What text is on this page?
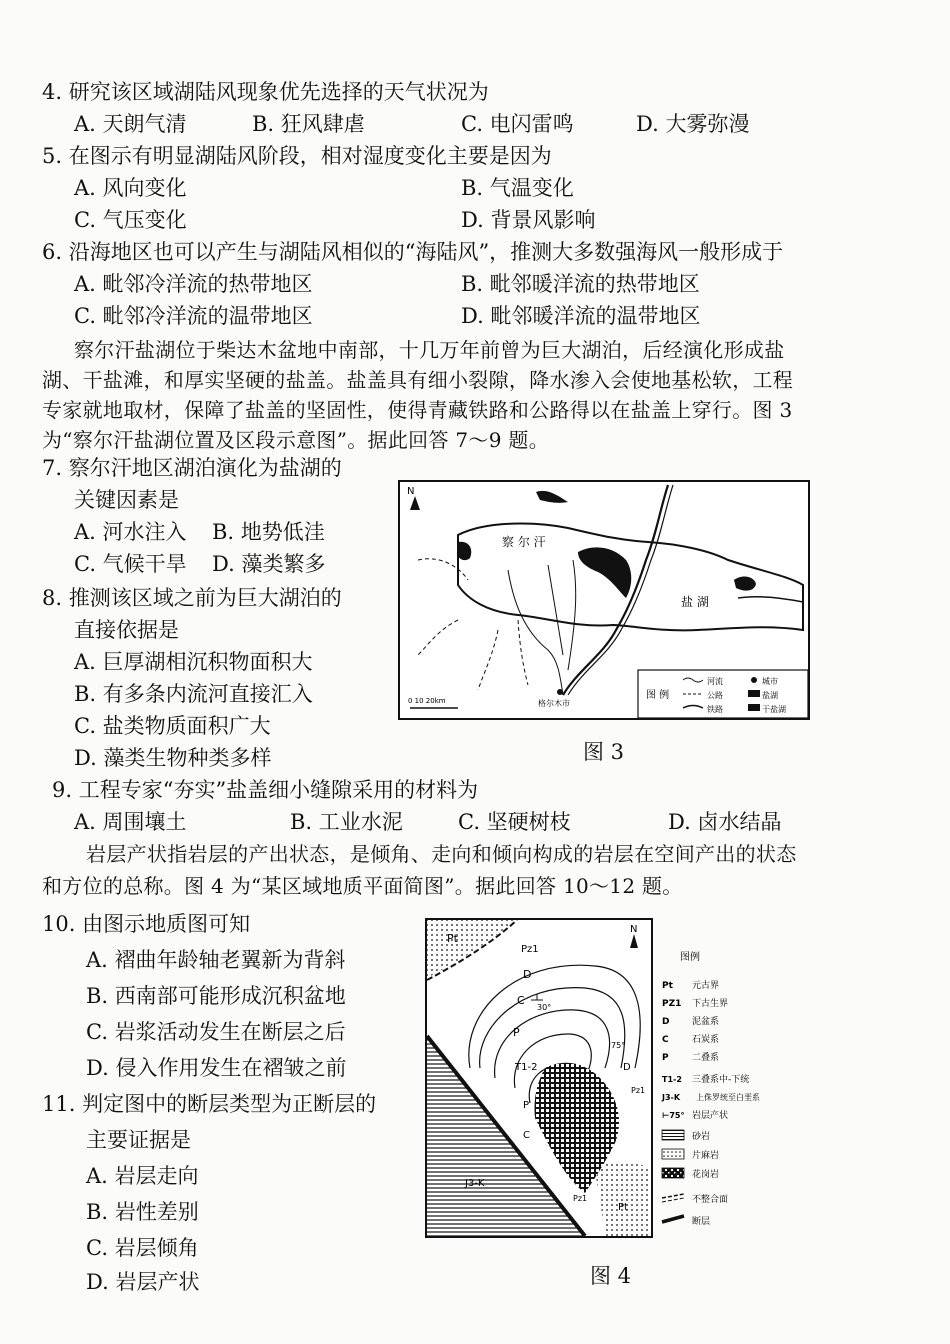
4. 研究该区域湖陆风现象优先选择的天气状况为
A. 天朗气清	B. 狂风肆虐	C. 电闪雷鸣	D. 大雾弥漫
5. 在图示有明显湖陆风阶段，相对湿度变化主要是因为
A. 风向变化	B. 气温变化
C. 气压变化	D. 背景风影响
6. 沿海地区也可以产生与湖陆风相似的“海陆风”，推测大多数强海风一般形成于
A. 毗邻冷洋流的热带地区	B. 毗邻暖洋流的热带地区
C. 毗邻冷洋流的温带地区	D. 毗邻暖洋流的温带地区
察尔汗盐湖位于柴达木盆地中南部，十几万年前曾为巨大湖泊，后经演化形成盐
湖、干盐滩，和厚实坚硬的盐盖。盐盖具有细小裂隙，降水渗入会使地基松软，工程
专家就地取材，保障了盐盖的坚固性，使得青藏铁路和公路得以在盐盖上穿行。图 3
为“察尔汗盐湖位置及区段示意图”。据此回答 7～9 题。
7. 察尔汗地区湖泊演化为盐湖的
关键因素是
A. 河水注入 B. 地势低洼
C. 气候干旱 D. 藻类繁多
8. 推测该区域之前为巨大湖泊的
直接依据是
A. 巨厚湖相沉积物面积大
B. 有多条内流河直接汇入
C. 盐类物质面积广大
D. 藻类生物种类多样
N
察 尔 汗
盐 湖
格尔木市
0 10 20km	图 例
河流	城市
公路	盐湖
铁路	干盐湖
图 3
9. 工程专家“夯实”盐盖细小缝隙采用的材料为
A. 周围壤土	B. 工业水泥	C. 坚硬树枝	D. 卤水结晶
岩层产状指岩层的产出状态，是倾角、走向和倾向构成的岩层在空间产出的状态
和方位的总称。图 4 为“某区域地质平面简图”。据此回答 10～12 题。
10. 由图示地质图可知
A. 褶曲年龄轴老翼新为背斜
B. 西南部可能形成沉积盆地
C. 岩浆活动发生在断层之后
D. 侵入作用发生在褶皱之前
11. 判定图中的断层类型为正断层的
主要证据是
A. 岩层走向
B. 岩性差别
C. 岩层倾角
D. 岩层产状
Pt
Pz1
D
C
P
T1-2
P
C
D
Pz1
J3-K
Pz1
Pt
30°
75°
N
图 4
图例
Pt 元古界
PZ1 下古生界
D	泥盆系
C	石炭系
P	二叠系
T1-2 三叠系中-下统
J3-K 上侏罗统至白垩系
⊢75° 岩层产状
砂岩
片麻岩
花岗岩
不整合面
断层
